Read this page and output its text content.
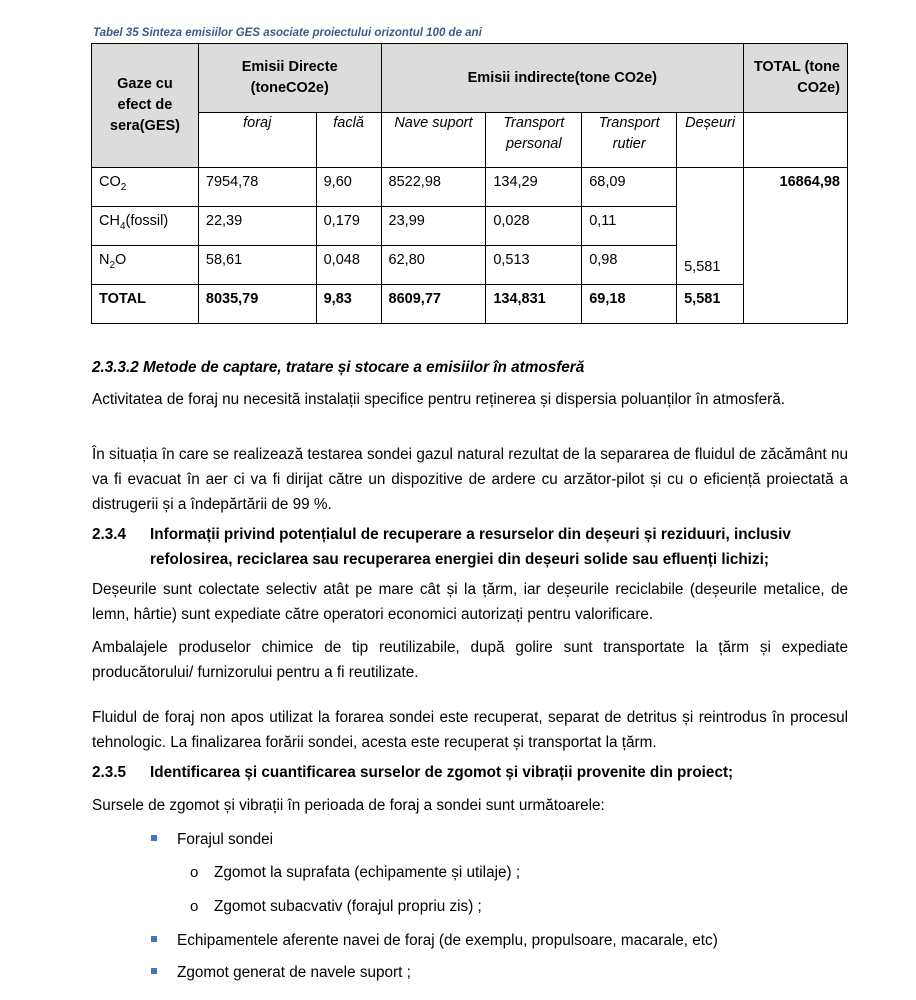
Tabel 35 Sinteza emisiilor GES asociate proiectului orizontul 100 de ani
Gaze cu efect de sera(GES)	Emisii Directe (toneCO2e)		Emisii indirecte(tone CO2e)				TOTAL (tone CO2e)
	foraj	faclă	Nave suport	Transport personal	Transport rutier	Deșeuri	
$CO_2$	7954,78	9,60	8522,98	134,29	68,09	5,581	16864,98
$CH_4(fossil)$	22,39	0,179	23,99	0,028	0,11		
$N_2O$	58,61	0,048	62,80	0,513	0,98		
TOTAL	8035,79	9,83	8609,77	134,831	69,18	5,581	
2.3.3.2 Metode de captare, tratare și stocare a emisiilor în atmosferă
Activitatea de foraj nu necesită instalații specifice pentru reținerea și dispersia poluanților în atmosferă.
În situația în care se realizează testarea sondei gazul natural rezultat de la separarea de fluidul de zăcământ nu va fi evacuat în aer ci va fi dirijat către un dispozitive de ardere cu arzător-pilot și cu o eficiență proiectată a distrugerii și a îndepărtării de 99 %.
2.3.4	Informații privind potențialul de recuperare a resurselor din deșeuri și reziduuri, inclusiv refolosirea, reciclarea sau recuperarea energiei din deșeuri solide sau efluenți lichizi;
Deșeurile sunt colectate selectiv atât pe mare cât și la țărm, iar deșeurile reciclabile (deșeurile metalice, de lemn, hârtie) sunt expediate către operatori economici autorizați pentru valorificare.
Ambalajele produselor chimice de tip reutilizabile, după golire sunt transportate la țărm și expediate producătorului/ furnizorului pentru a fi reutilizate.
Fluidul de foraj non apos utilizat la forarea sondei este recuperat, separat de detritus și reintrodus în procesul tehnologic. La finalizarea forării sondei, acesta este recuperat și transportat la țărm.
2.3.5	Identificarea și cuantificarea surselor de zgomot și vibrații provenite din proiect;
Sursele de zgomot și vibrații în perioada de foraj a sondei sunt următoarele:
Forajul sondei
o Zgomot la suprafata (echipamente și utilaje) ;
o Zgomot subacvativ (forajul propriu zis) ;
Echipamentele aferente navei de foraj (de exemplu, propulsoare, macarale, etc)
Zgomot generat de navele suport ;
